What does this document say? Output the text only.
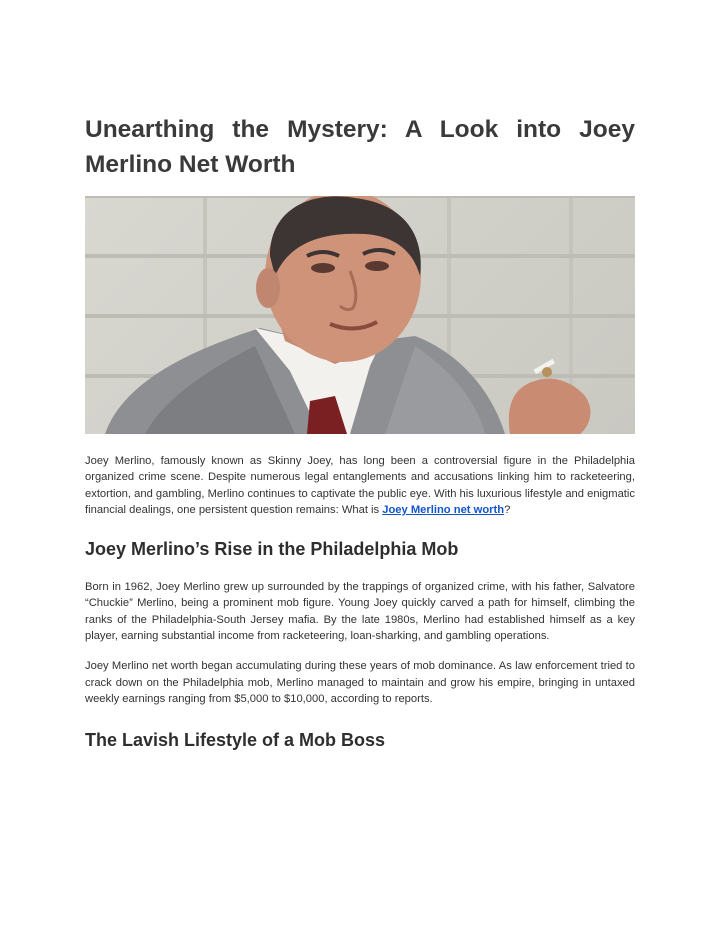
Unearthing the Mystery: A Look into Joey Merlino Net Worth

Joey Merlino, famously known as Skinny Joey, has long been a controversial figure in the Philadelphia organized crime scene. Despite numerous legal entanglements and accusations linking him to racketeering, extortion, and gambling, Merlino continues to captivate the public eye. With his luxurious lifestyle and enigmatic financial dealings, one persistent question remains: What is Joey Merlino net worth?

Joey Merlino’s Rise in the Philadelphia Mob

Born in 1962, Joey Merlino grew up surrounded by the trappings of organized crime, with his father, Salvatore “Chuckie” Merlino, being a prominent mob figure. Young Joey quickly carved a path for himself, climbing the ranks of the Philadelphia-South Jersey mafia. By the late 1980s, Merlino had established himself as a key player, earning substantial income from racketeering, loan-sharking, and gambling operations.

Joey Merlino net worth began accumulating during these years of mob dominance. As law enforcement tried to crack down on the Philadelphia mob, Merlino managed to maintain and grow his empire, bringing in untaxed weekly earnings ranging from $5,000 to $10,000, according to reports.

The Lavish Lifestyle of a Mob Boss
